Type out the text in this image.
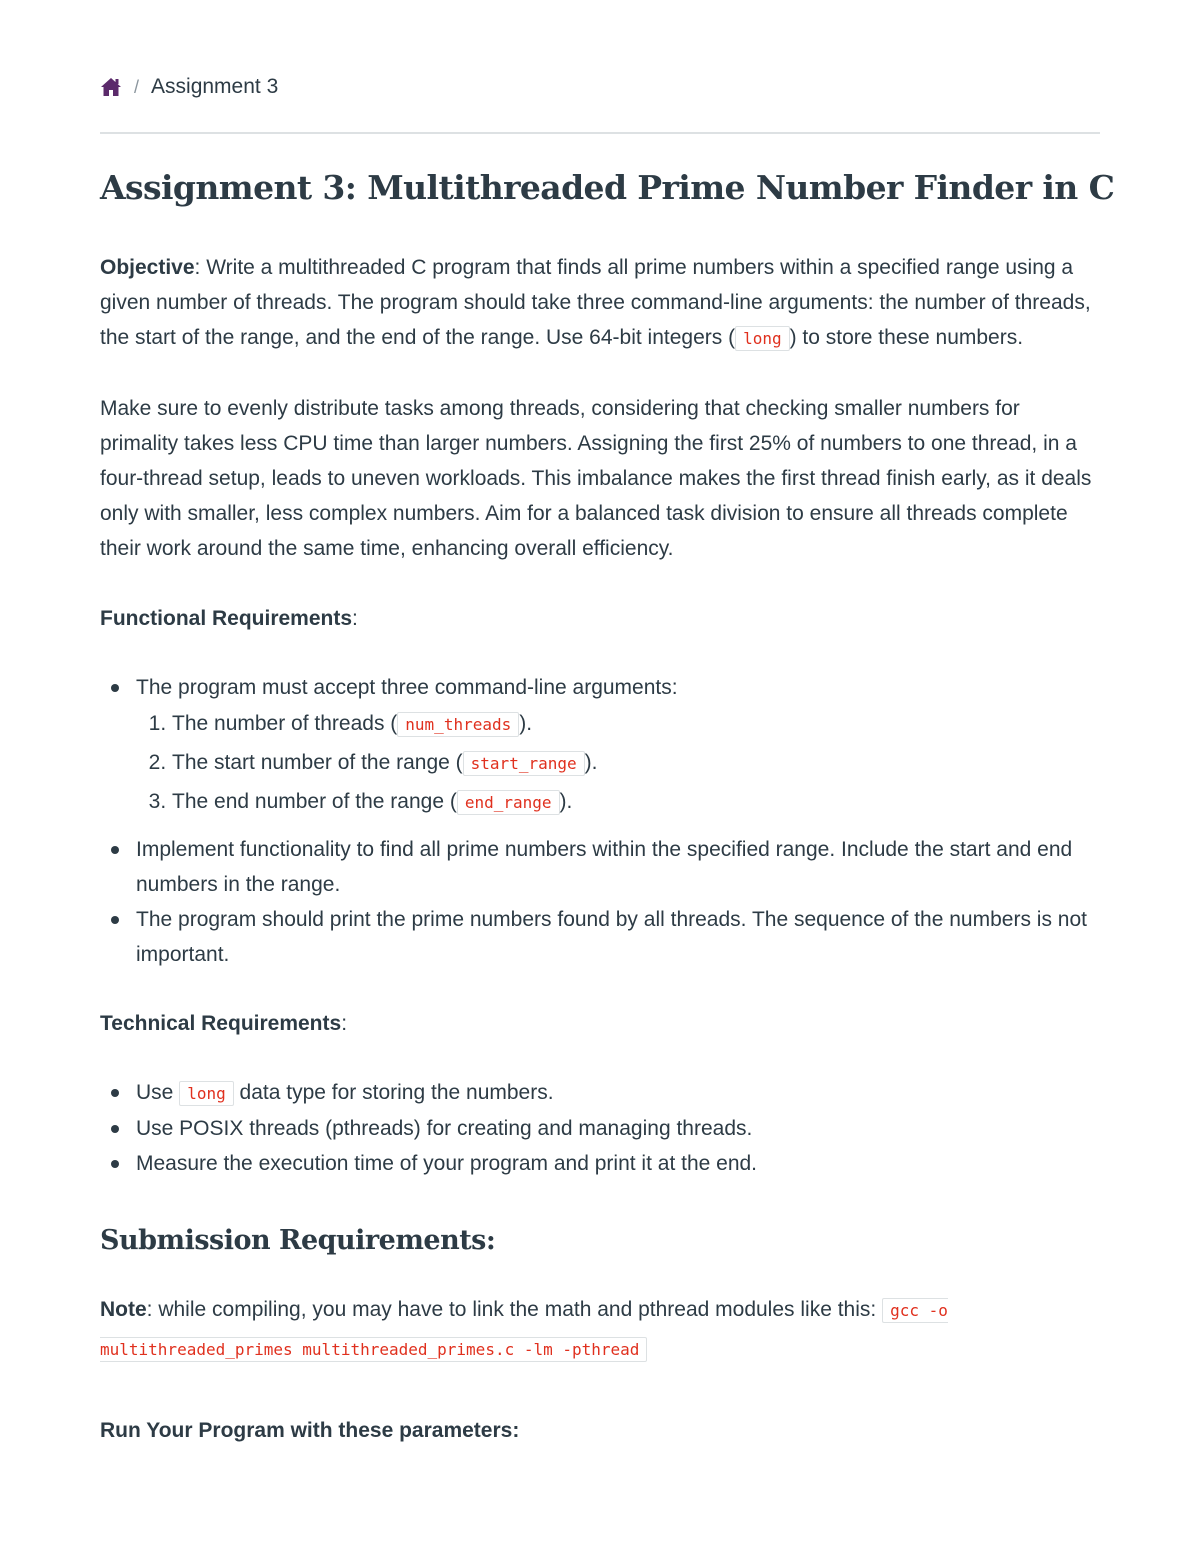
/ Assignment 3
Assignment 3: Multithreaded Prime Number Finder in C

Objective: Write a multithreaded C program that finds all prime numbers within a specified range using a given number of threads. The program should take three command-line arguments: the number of threads, the start of the range, and the end of the range. Use 64-bit integers ( long ) to store these numbers.

Make sure to evenly distribute tasks among threads, considering that checking smaller numbers for primality takes less CPU time than larger numbers. Assigning the first 25% of numbers to one thread, in a four-thread setup, leads to uneven workloads. This imbalance makes the first thread finish early, as it deals only with smaller, less complex numbers. Aim for a balanced task division to ensure all threads complete their work around the same time, enhancing overall efficiency.

Functional Requirements:

The program must accept three command-line arguments:
1. The number of threads ( num_threads ).
2. The start number of the range ( start_range ).
3. The end number of the range ( end_range ).
Implement functionality to find all prime numbers within the specified range. Include the start and end numbers in the range.
The program should print the prime numbers found by all threads. The sequence of the numbers is not important.

Technical Requirements:

Use long data type for storing the numbers.
Use POSIX threads (pthreads) for creating and managing threads.
Measure the execution time of your program and print it at the end.
Submission Requirements:

Note: while compiling, you may have to link the math and pthread modules like this: gcc -o multithreaded_primes multithreaded_primes.c -lm -pthread

Run Your Program with these parameters:
